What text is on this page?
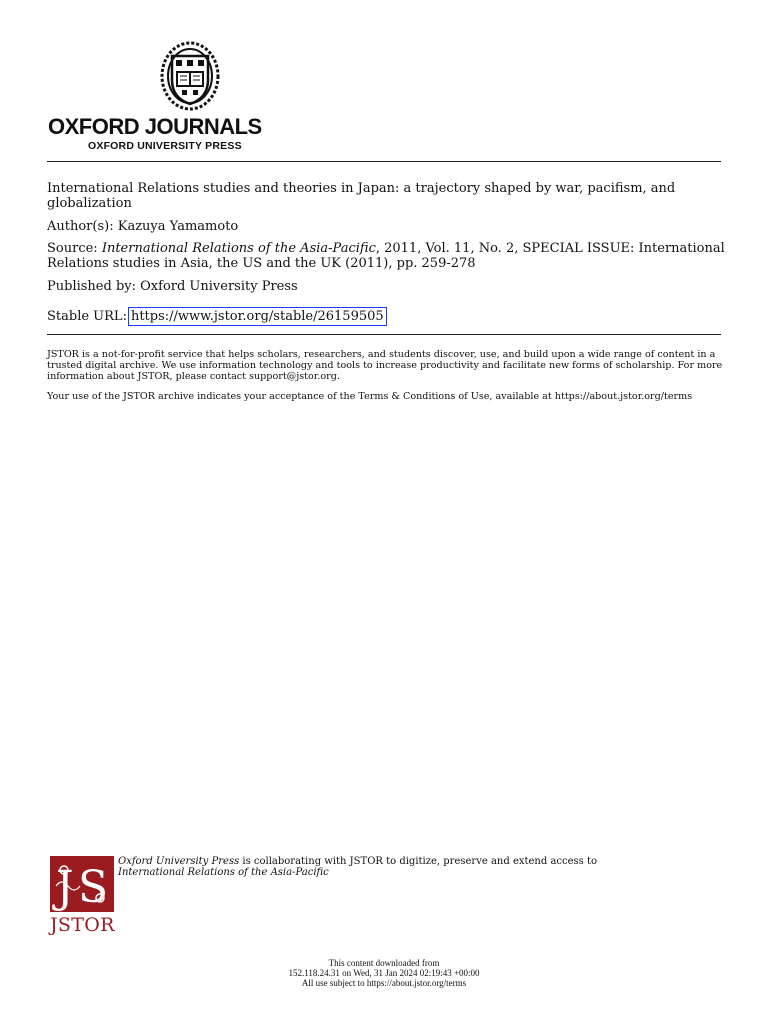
OXFORD JOURNALS
OXFORD UNIVERSITY PRESS
International Relations studies and theories in Japan: a trajectory shaped by war, pacifism, and globalization
Author(s): Kazuya Yamamoto
Source: International Relations of the Asia-Pacific, 2011, Vol. 11, No. 2, SPECIAL ISSUE: International Relations studies in Asia, the US and the UK (2011), pp. 259-278
Published by: Oxford University Press
Stable URL: https://www.jstor.org/stable/26159505
JSTOR is a not-for-profit service that helps scholars, researchers, and students discover, use, and build upon a wide range of content in a trusted digital archive. We use information technology and tools to increase productivity and facilitate new forms of scholarship. For more information about JSTOR, please contact support@jstor.org.
Your use of the JSTOR archive indicates your acceptance of the Terms & Conditions of Use, available at https://about.jstor.org/terms
J S
JSTOR
Oxford University Press is collaborating with JSTOR to digitize, preserve and extend access to
International Relations of the Asia-Pacific
This content downloaded from
152.118.24.31 on Wed, 31 Jan 2024 02:19:43 +00:00
All use subject to https://about.jstor.org/terms
